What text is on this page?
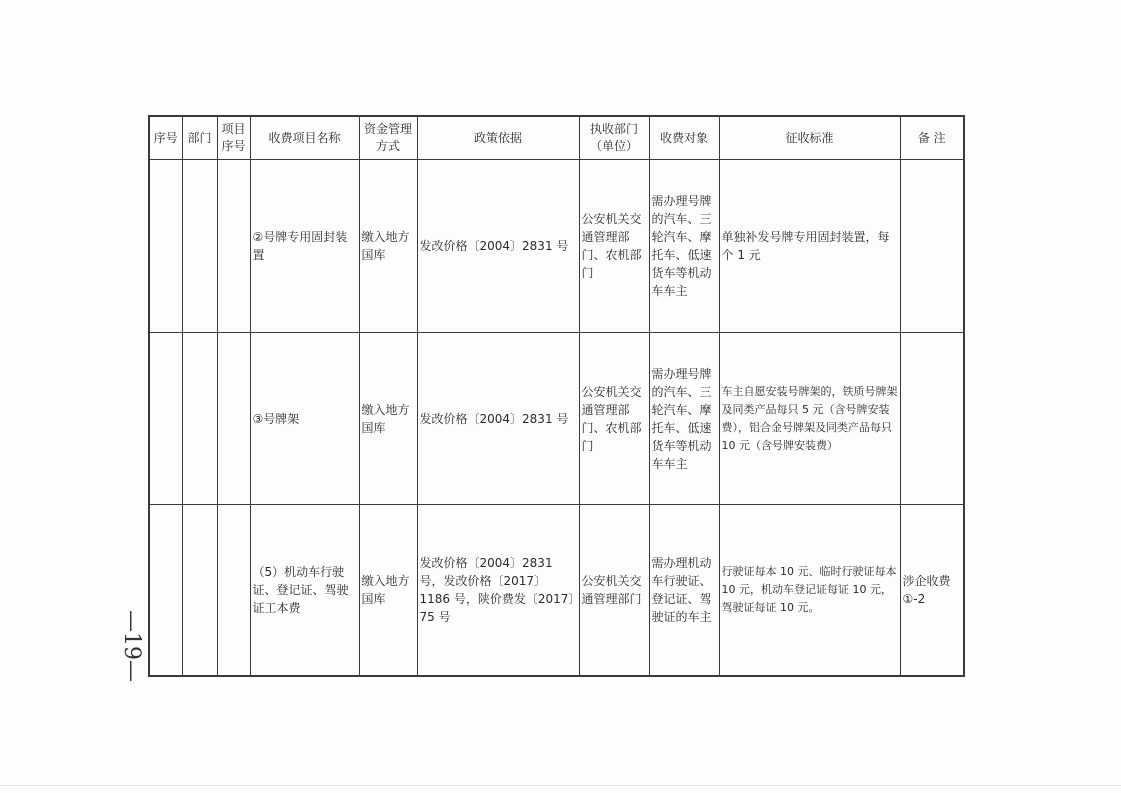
序号	部门	项目序号	收费项目名称	资金管理方式	政策依据	执收部门（单位）	收费对象	征收标准	备 注
			②号牌专用固封装置	缴入地方国库	发改价格〔2004〕2831 号	公安机关交通管理部门、农机部门	需办理号牌的汽车、三轮汽车、摩托车、低速货车等机动车车主	单独补发号牌专用固封装置，每个 1 元	
			③号牌架	缴入地方国库	发改价格〔2004〕2831 号	公安机关交通管理部门、农机部门	需办理号牌的汽车、三轮汽车、摩托车、低速货车等机动车车主	车主自愿安装号牌架的，铁质号牌架及同类产品每只 5 元（含号牌安装费），铝合金号牌架及同类产品每只 10 元（含号牌安装费）	
			（5）机动车行驶证、登记证、驾驶证工本费	缴入地方国库	发改价格〔2004〕2831 号，发改价格〔2017〕1186 号，陕价费发〔2017〕75 号	公安机关交通管理部门	需办理机动车行驶证、登记证、驾驶证的车主	行驶证每本 10 元、临时行驶证每本 10 元，机动车登记证每证 10 元，驾驶证每证 10 元。	涉企收费①-2
—19—
